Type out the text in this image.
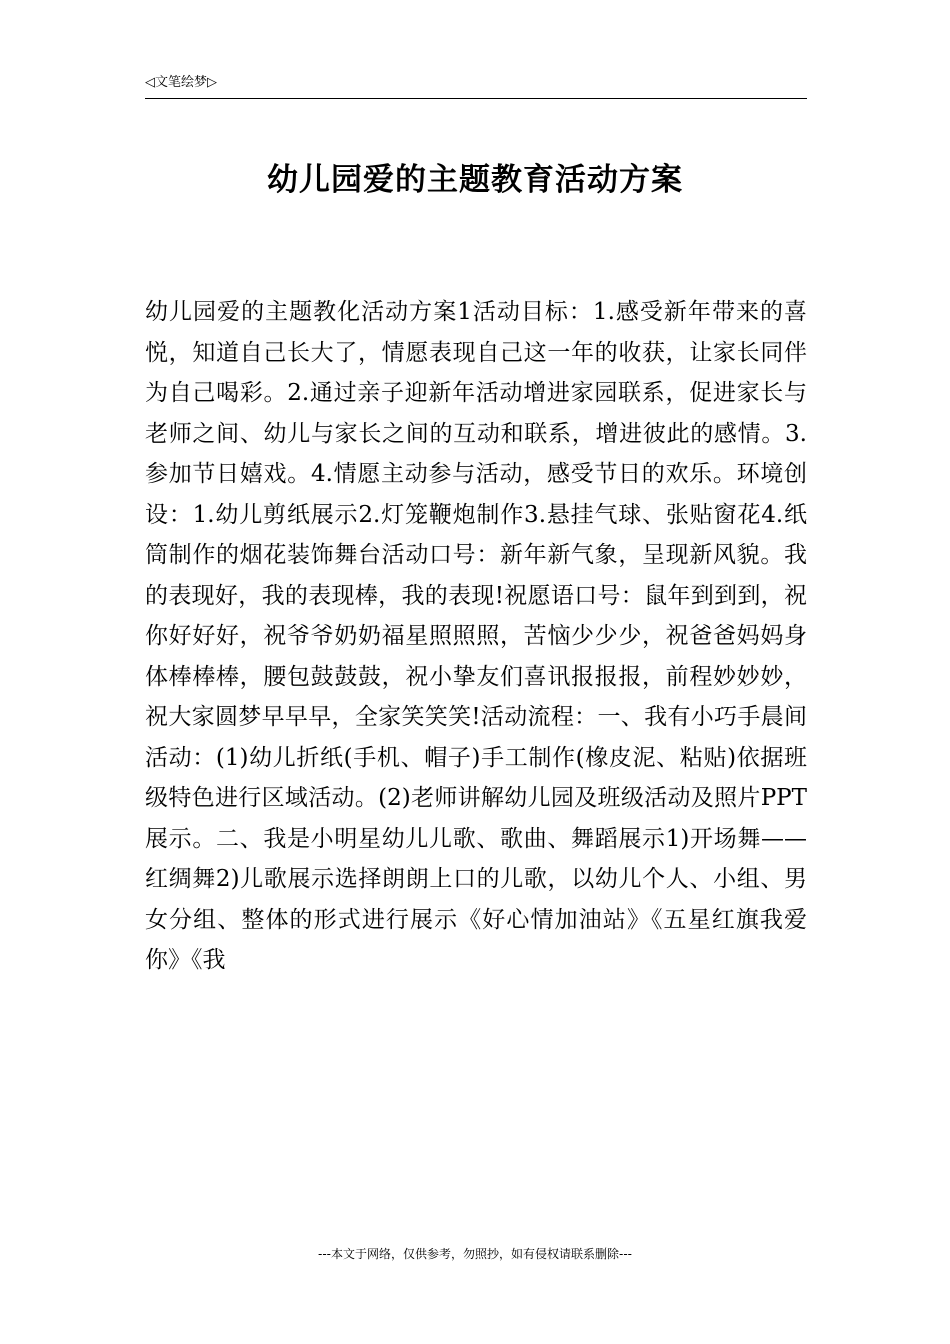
◁文笔绘梦▷
幼儿园爱的主题教育活动方案

幼儿园爱的主题教化活动方案1活动目标：1.感受新年带来的喜悦，知道自己长大了，情愿表现自己这一年的收获，让家长同伴为自己喝彩。2.通过亲子迎新年活动增进家园联系，促进家长与老师之间、幼儿与家长之间的互动和联系，增进彼此的感情。3.参加节日嬉戏。4.情愿主动参与活动，感受节日的欢乐。环境创设：1.幼儿剪纸展示2.灯笼鞭炮制作3.悬挂气球、张贴窗花4.纸筒制作的烟花装饰舞台活动口号：新年新气象，呈现新风貌。我的表现好，我的表现棒，我的表现!祝愿语口号：鼠年到到到，祝你好好好，祝爷爷奶奶福星照照照，苦恼少少少，祝爸爸妈妈身体棒棒棒，腰包鼓鼓鼓，祝小挚友们喜讯报报报，前程妙妙妙，祝大家圆梦早早早，全家笑笑笑!活动流程：一、我有小巧手晨间活动：(1)幼儿折纸(手机、帽子)手工制作(橡皮泥、粘贴)依据班级特色进行区域活动。(2)老师讲解幼儿园及班级活动及照片PPT展示。二、我是小明星幼儿儿歌、歌曲、舞蹈展示1)开场舞——红绸舞2)儿歌展示选择朗朗上口的儿歌，以幼儿个人、小组、男女分组、整体的形式进行展示《好心情加油站》《五星红旗我爱你》《我

---本文于网络，仅供参考，勿照抄，如有侵权请联系删除---
